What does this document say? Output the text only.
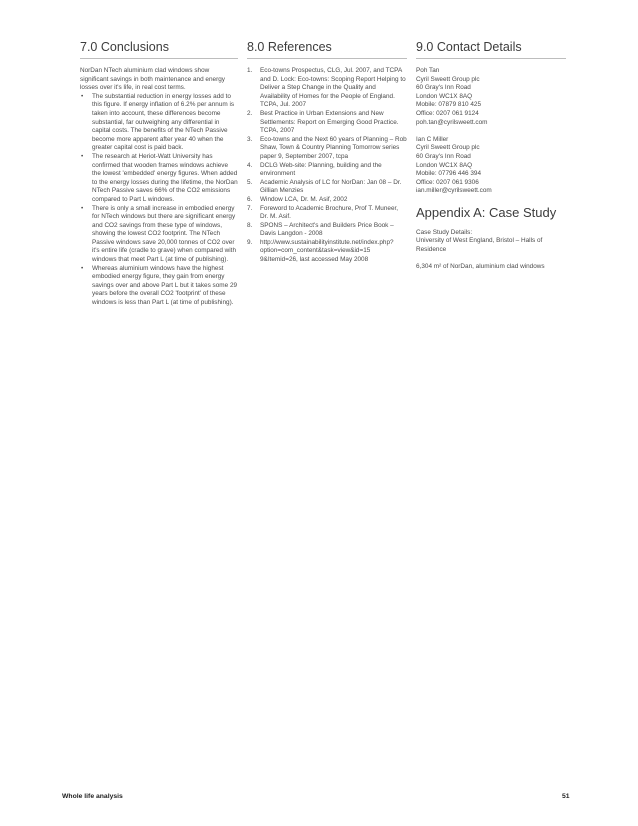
7.0 Conclusions

NorDan NTech aluminium clad windows show significant savings in both maintenance and energy losses over it's life, in real cost terms.

• The substantial reduction in energy losses add to this figure. If energy inflation of 6.2% per annum is taken into account, these differences become substantial, far outweighing any differential in capital costs. The benefits of the NTech Passive become more apparent after year 40 when the greater capital cost is paid back.
• The research at Heriot-Watt University has confirmed that wooden frames windows achieve the lowest 'embedded' energy figures. When added to the energy losses during the lifetime, the NorDan NTech Passive saves 66% of the CO2 emissions compared to Part L windows.
• There is only a small increase in embodied energy for NTech windows but there are significant energy and CO2 savings from these type of windows, showing the lowest CO2 footprint. The NTech Passive windows save 20,000 tonnes of CO2 over it's entire life (cradle to grave) when compared with windows that meet Part L (at time of publishing).
• Whereas aluminium windows have the highest embodied energy figure, they gain from energy savings over and above Part L but it takes some 29 years before the overall CO2 'footprint' of these windows is less than Part L (at time of publishing).
8.0 References
1. Eco-towns Prospectus, CLG, Jul. 2007, and TCPA and D. Lock: Eco-towns: Scoping Report Helping to Deliver a Step Change in the Quality and Availability of Homes for the People of England. TCPA, Jul. 2007
2. Best Practice in Urban Extensions and New Settlements: Report on Emerging Good Practice. TCPA, 2007
3. Eco-towns and the Next 60 years of Planning – Rob Shaw, Town & Country Planning Tomorrow series paper 9, September 2007, tcpa
4. DCLG Web-site: Planning, building and the environment
5. Academic Analysis of LC for NorDan: Jan 08 – Dr. Gillian Menzies
6. Window LCA, Dr. M. Asif, 2002
7. Foreword to Academic Brochure, Prof T. Muneer, Dr. M. Asif.
8. SPONS – Architect's and Builders Price Book – Davis Langdon - 2008
9. http://www.sustainabilityinstitute.net/index.php?option=com_content&task=view&id=15 9&Itemid=26, last accessed May 2008
9.0 Contact Details
Poh Tan
Cyril Sweett Group plc
60 Gray's Inn Road
London WC1X 8AQ
Mobile: 07879 810 425
Office: 0207 061 9124
poh.tan@cyrilsweett.com
Ian C Miller
Cyril Sweett Group plc
60 Gray's Inn Road
London WC1X 8AQ
Mobile: 07796 446 394
Office: 0207 061 9306
ian.miller@cyrilsweett.com
Appendix A: Case Study
Case Study Details:
University of West England, Bristol – Halls of Residence
6,304 m² of NorDan, aluminium clad windows
Whole life analysis	51
